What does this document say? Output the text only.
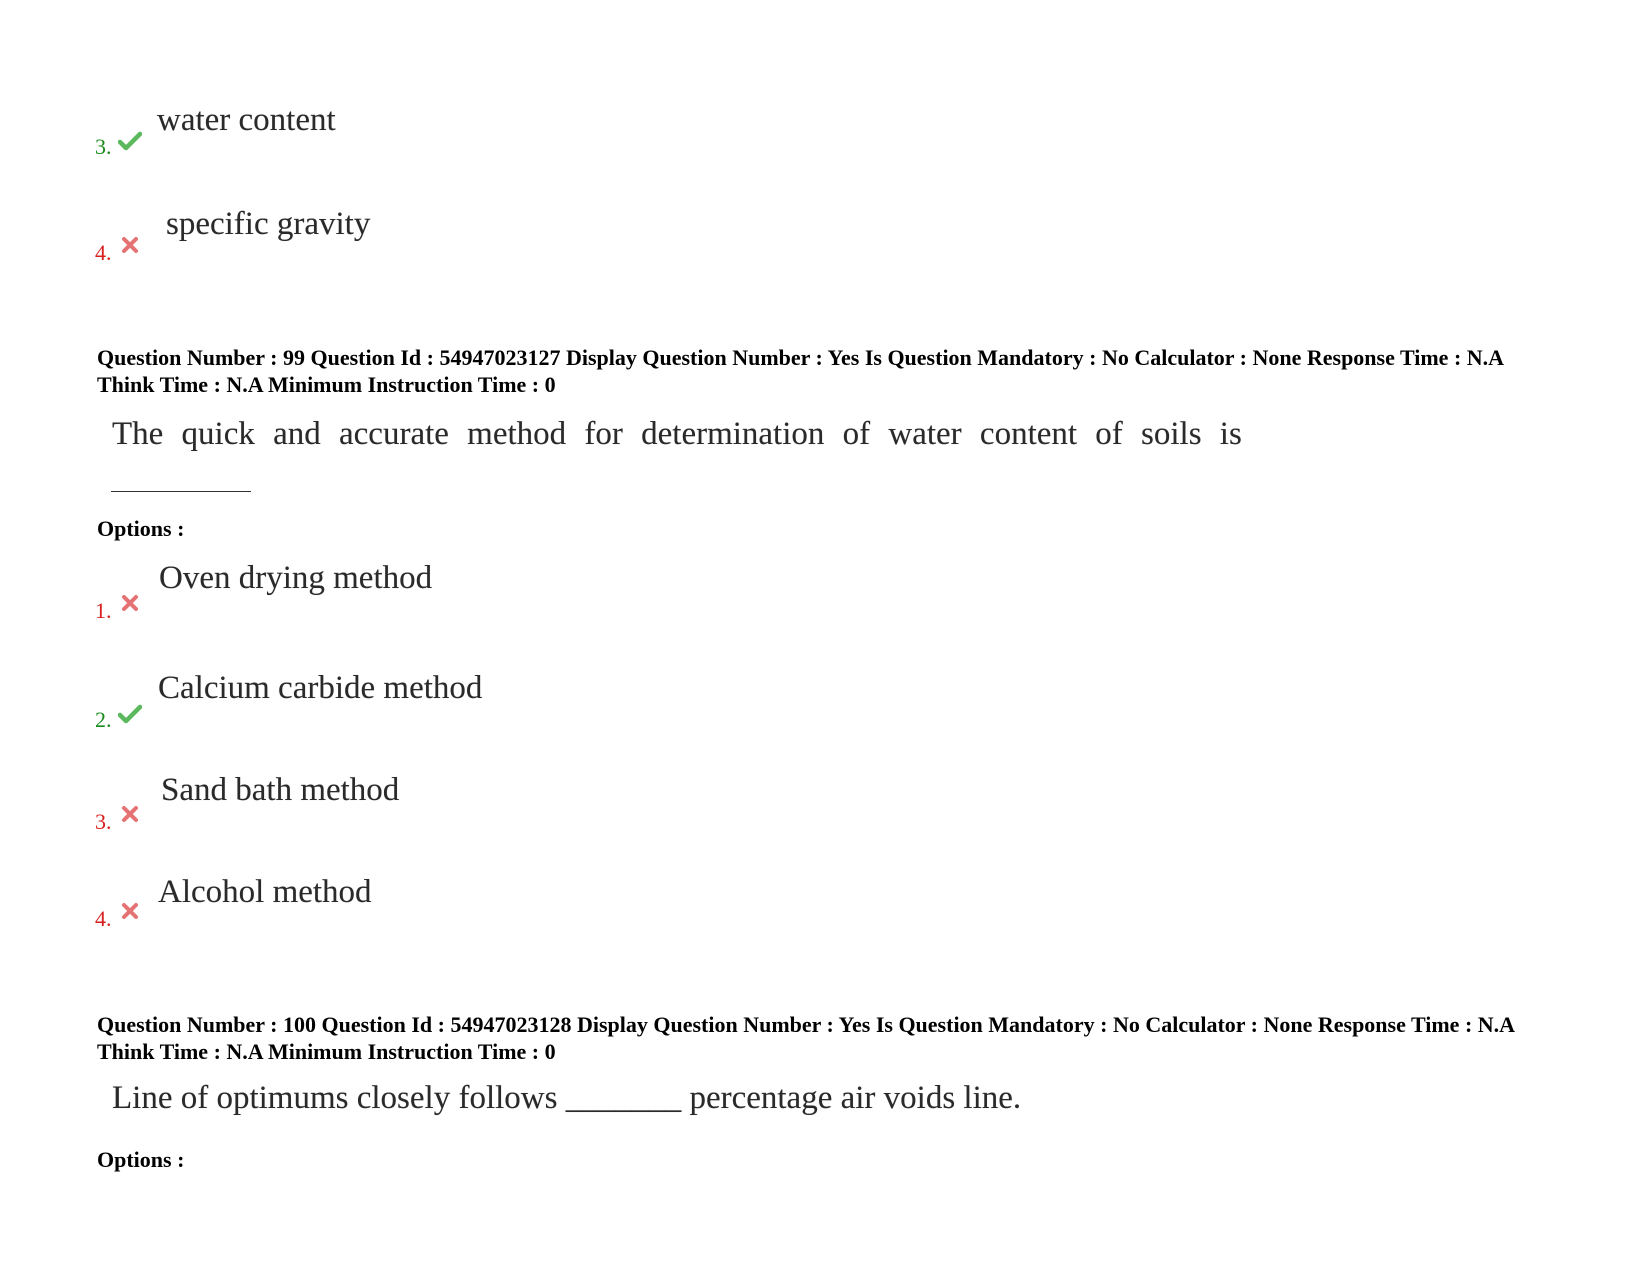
3.
water content
4.
specific gravity
Question Number : 99 Question Id : 54947023127 Display Question Number : Yes Is Question Mandatory : No Calculator : None Response Time : N.A Think Time : N.A Minimum Instruction Time : 0
The quick and accurate method for determination of water content of soils is
Options :
1.
Oven drying method
2.
Calcium carbide method
3.
Sand bath method
4.
Alcohol method
Question Number : 100 Question Id : 54947023128 Display Question Number : Yes Is Question Mandatory : No Calculator : None Response Time : N.A Think Time : N.A Minimum Instruction Time : 0
Line of optimums closely follows _______ percentage air voids line.
Options :
